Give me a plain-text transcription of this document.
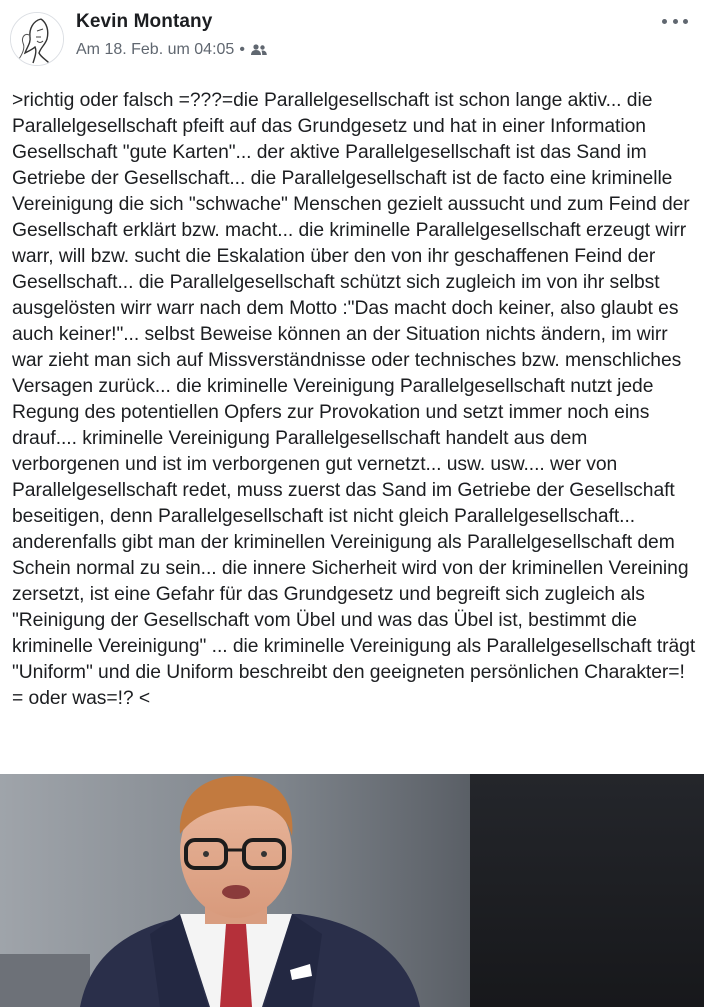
Kevin Montany
Am 18. Feb. um 04:05 •
>richtig oder falsch =???=die Parallelgesellschaft ist schon lange aktiv... die Parallelgesellschaft pfeift auf das Grundgesetz und hat in einer Information Gesellschaft "gute Karten"... der aktive Parallelgesellschaft ist das Sand im Getriebe der Gesellschaft... die Parallelgesellschaft ist de facto eine kriminelle Vereinigung die sich "schwache" Menschen gezielt aussucht und zum Feind der Gesellschaft erklärt bzw. macht... die kriminelle Parallelgesellschaft erzeugt wirr warr, will bzw. sucht die Eskalation über den von ihr geschaffenen Feind der Gesellschaft... die Parallelgesellschaft schützt sich zugleich im von ihr selbst ausgelösten wirr warr nach dem Motto :"Das macht doch keiner, also glaubt es auch keiner!"... selbst Beweise können an der Situation nichts ändern, im wirr war zieht man sich auf Missverständnisse oder technisches bzw. menschliches Versagen zurück... die kriminelle Vereinigung Parallelgesellschaft nutzt jede Regung des potentiellen Opfers zur Provokation und setzt immer noch eins drauf.... kriminelle Vereinigung Parallelgesellschaft handelt aus dem verborgenen und ist im verborgenen gut vernetzt... usw. usw.... wer von Parallelgesellschaft redet, muss zuerst das Sand im Getriebe der Gesellschaft beseitigen, denn Parallelgesellschaft ist nicht gleich Parallelgesellschaft... anderenfalls gibt man der kriminellen Vereinigung als Parallelgesellschaft dem Schein normal zu sein... die innere Sicherheit wird von der kriminellen Vereining zersetzt, ist eine Gefahr für das Grundgesetz und begreift sich zugleich als "Reinigung der Gesellschaft vom Übel und was das Übel ist, bestimmt die kriminelle Vereinigung" ... die kriminelle Vereinigung als Parallelgesellschaft trägt "Uniform" und die Uniform beschreibt den geeigneten persönlichen Charakter=! = oder was=!? <
